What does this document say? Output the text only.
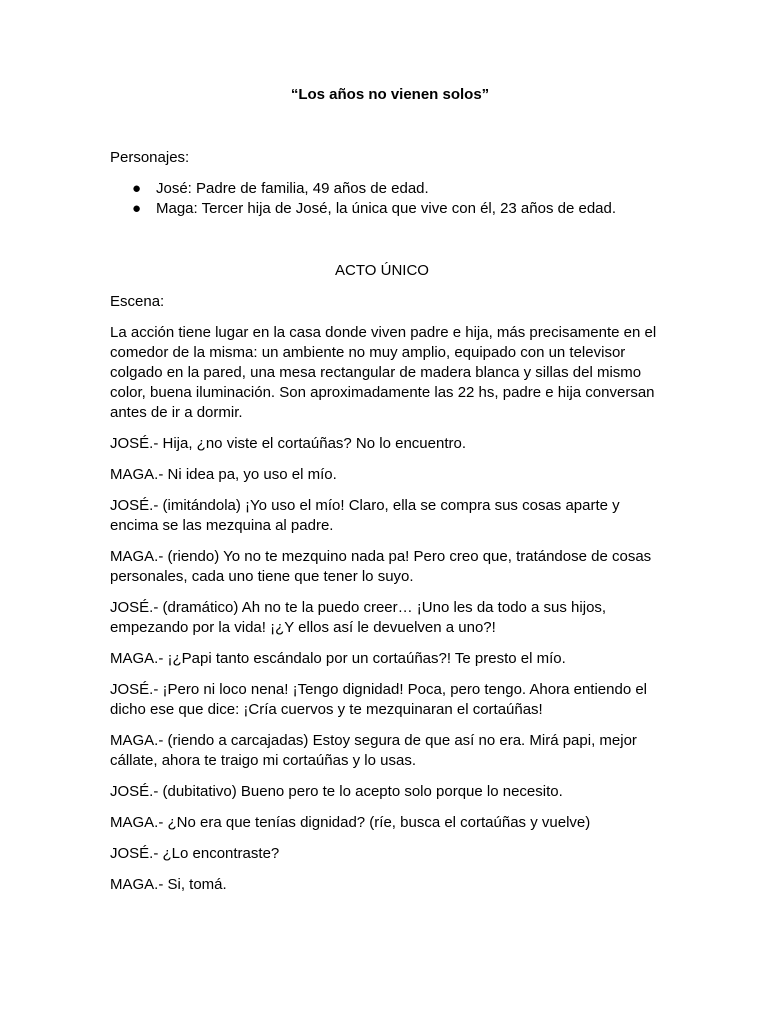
“Los años no vienen solos”

Personajes:

● José: Padre de familia, 49 años de edad.
● Maga: Tercer hija de José, la única que vive con él, 23 años de edad.

ACTO ÚNICO

Escena:

La acción tiene lugar en la casa donde viven padre e hija, más precisamente en el comedor de la misma: un ambiente no muy amplio, equipado con un televisor colgado en la pared, una mesa rectangular de madera blanca y sillas del mismo color, buena iluminación. Son aproximadamente las 22 hs, padre e hija conversan antes de ir a dormir.

JOSÉ.- Hija, ¿no viste el cortaúñas? No lo encuentro.

MAGA.- Ni idea pa, yo uso el mío.

JOSÉ.- (imitándola) ¡Yo uso el mío! Claro, ella se compra sus cosas aparte y encima se las mezquina al padre.

MAGA.- (riendo) Yo no te mezquino nada pa! Pero creo que, tratándose de cosas personales, cada uno tiene que tener lo suyo.

JOSÉ.- (dramático) Ah no te la puedo creer… ¡Uno les da todo a sus hijos, empezando por la vida! ¡¿Y ellos así le devuelven a uno?!

MAGA.- ¡¿Papi tanto escándalo por un cortaúñas?! Te presto el mío.

JOSÉ.- ¡Pero ni loco nena! ¡Tengo dignidad! Poca, pero tengo. Ahora entiendo el dicho ese que dice: ¡Cría cuervos y te mezquinaran el cortaúñas!

MAGA.- (riendo a carcajadas) Estoy segura de que así no era. Mirá papi, mejor cállate, ahora te traigo mi cortaúñas y lo usas.

JOSÉ.- (dubitativo) Bueno pero te lo acepto solo porque lo necesito.

MAGA.- ¿No era que tenías dignidad? (ríe, busca el cortaúñas y vuelve)

JOSÉ.- ¿Lo encontraste?

MAGA.- Si, tomá.
